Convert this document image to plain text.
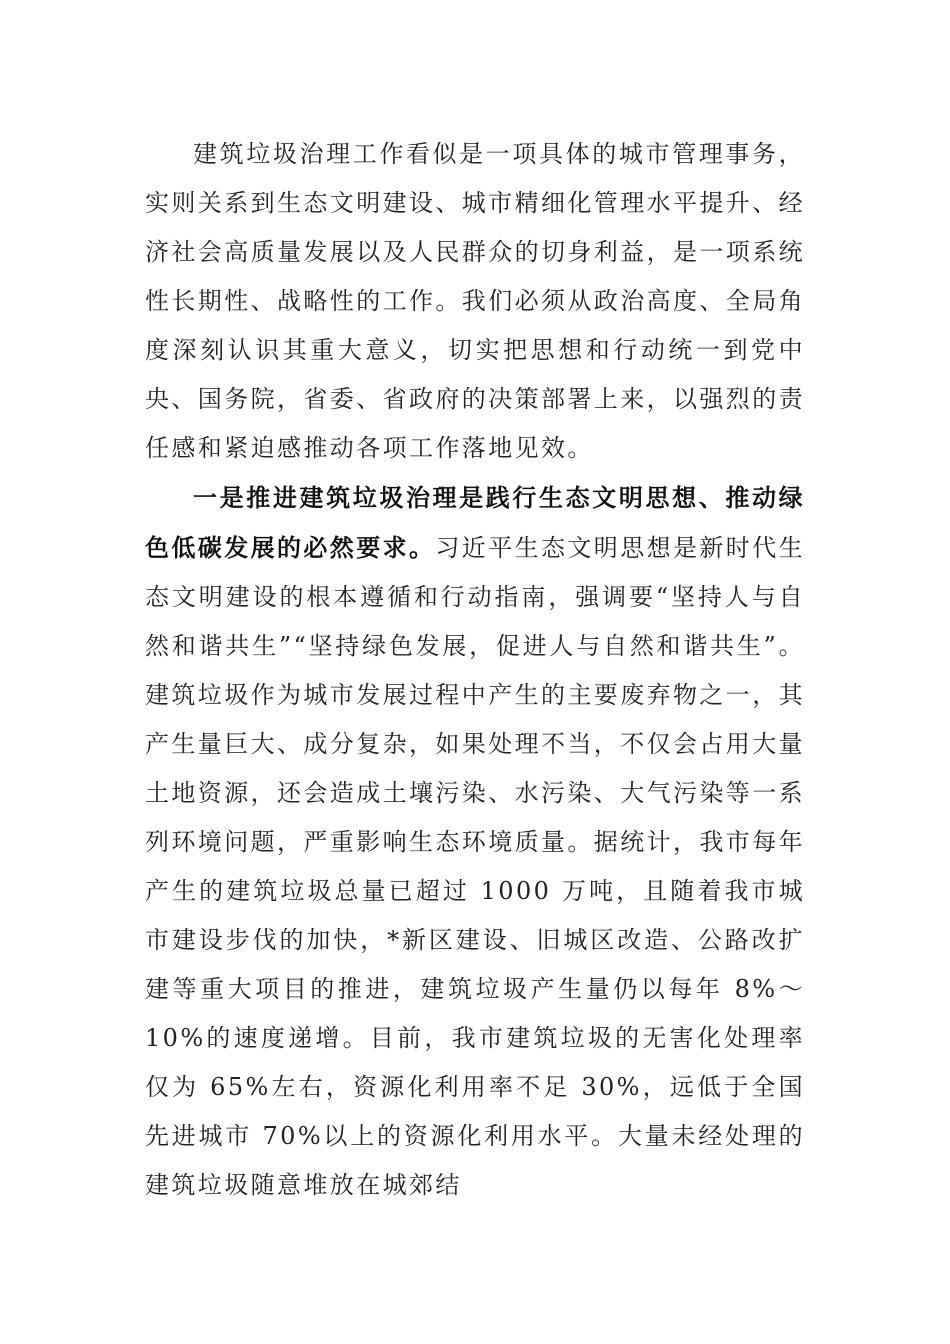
建筑垃圾治理工作看似是一项具体的城市管理事务，实则关系到生态文明建设、城市精细化管理水平提升、经济社会高质量发展以及人民群众的切身利益，是一项系统性长期性、战略性的工作。我们必须从政治高度、全局角度深刻认识其重大意义，切实把思想和行动统一到党中央、国务院，省委、省政府的决策部署上来，以强烈的责任感和紧迫感推动各项工作落地见效。

一是推进建筑垃圾治理是践行生态文明思想、推动绿色低碳发展的必然要求。习近平生态文明思想是新时代生态文明建设的根本遵循和行动指南，强调要“坚持人与自然和谐共生”“坚持绿色发展，促进人与自然和谐共生”。建筑垃圾作为城市发展过程中产生的主要废弃物之一，其产生量巨大、成分复杂，如果处理不当，不仅会占用大量土地资源，还会造成土壤污染、水污染、大气污染等一系列环境问题，严重影响生态环境质量。据统计，我市每年产生的建筑垃圾总量已超过 1000 万吨，且随着我市城市建设步伐的加快，*新区建设、旧城区改造、公路改扩建等重大项目的推进，建筑垃圾产生量仍以每年 8%～10%的速度递增。目前，我市建筑垃圾的无害化处理率仅为 65%左右，资源化利用率不足 30%，远低于全国先进城市 70%以上的资源化利用水平。大量未经处理的建筑垃圾随意堆放在城郊结
